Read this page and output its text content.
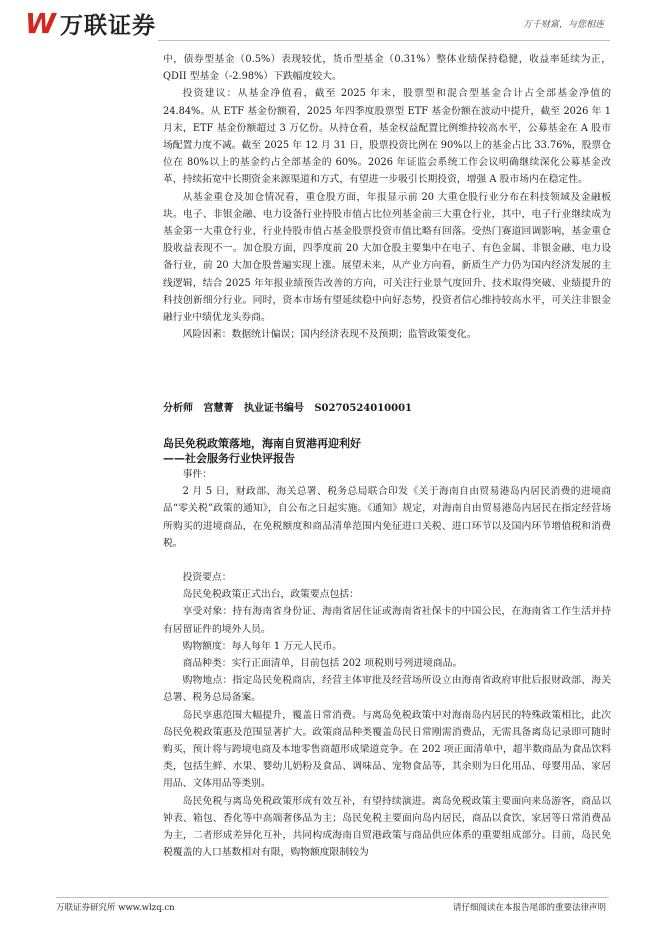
W 万联证券	万千财富，与您相连

中，债券型基金（0.5%）表现较优，货币型基金（0.31%）整体业绩保持稳健，收益率延续为正，QDII 型基金（-2.98%）下跌幅度较大。

投资建议：从基金净值看，截至 2025 年末，股票型和混合型基金合计占全部基金净值的 24.84%。从 ETF 基金份额看，2025 年四季度股票型 ETF 基金份额在波动中提升，截至 2026 年 1 月末，ETF 基金份额超过 3 万亿份。从持仓看，基金权益配置比例维持较高水平，公募基金在 A 股市场配置力度不减。截至 2025 年 12 月 31 日，股票投资比例在 90%以上的基金占比 33.76%，股票仓位在 80%以上的基金约占全部基金的 60%。2026 年证监会系统工作会议明确继续深化公募基金改革，持续拓宽中长期资金来源渠道和方式，有望进一步吸引长期投资，增强 A 股市场内在稳定性。

从基金重仓及加仓情况看，重仓股方面，年报显示前 20 大重仓股行业分布在科技领域及金融板块。电子、非银金融、电力设备行业持股市值占比位列基金前三大重仓行业，其中，电子行业继续成为基金第一大重仓行业，行业持股市值占基金股票投资市值比略有回落。受热门赛道回调影响，基金重仓股收益表现不一。加仓股方面，四季度前 20 大加仓股主要集中在电子、有色金属、非银金融、电力设备行业，前 20 大加仓股普遍实现上涨。展望未来，从产业方向看，新质生产力仍为国内经济发展的主线逻辑，结合 2025 年年报业绩预告改善的方向，可关注行业景气度回升、技术取得突破、业绩提升的科技创新细分行业。同时，资本市场有望延续稳中向好态势，投资者信心维持较高水平，可关注非银金融行业中绩优龙头券商。

风险因素：数据统计偏误；国内经济表现不及预期；监管政策变化。

分析师   宫慧菁   执业证书编号   S0270524010001

岛民免税政策落地，海南自贸港再迎利好

——社会服务行业快评报告

事件：

2 月 5 日，财政部、海关总署、税务总局联合印发《关于海南自由贸易港岛内居民消费的进境商品“零关税”政策的通知》，自公布之日起实施。《通知》规定，对海南自由贸易港岛内居民在指定经营场所购买的进境商品，在免税额度和商品清单范围内免征进口关税、进口环节以及国内环节增值税和消费税。

投资要点：

岛民免税政策正式出台，政策要点包括：

享受对象：持有海南省身份证、海南省居住证或海南省社保卡的中国公民，在海南省工作生活并持有居留证件的境外人员。

购物额度：每人每年 1 万元人民币。

商品种类：实行正面清单，目前包括 202 项税则号列进境商品。

购物地点：指定岛民免税商店，经营主体审批及经营场所设立由海南省政府审批后报财政部、海关总署、税务总局备案。

岛民享惠范围大幅提升，覆盖日常消费。与离岛免税政策中对海南岛内居民的特殊政策相比，此次岛民免税政策惠及范围显著扩大。政策商品种类覆盖岛民日常刚需消费品，无需具备离岛记录即可随时购买，预计将与跨境电商及本地零售商超形成梁道竞争。在 202 项正面清单中，超半数商品为食品饮料类，包括生鲜、水果、婴幼儿奶粉及食品、调味品、宠物食品等，其余则为日化用品、母婴用品、家居用品、文体用品等类别。

岛民免税与离岛免税政策形成有效互补，有望持续演进。离岛免税政策主要面向来岛游客，商品以钟表、箱包、香化等中高端奢侈品为主；岛民免税主要面向岛内居民，商品以食饮、家居等日常消费品为主，二者形成差异化互补，共同构成海南自贸港政策与商品供应体系的重要组成部分。目前，岛民免税覆盖的人口基数相对有限，购物额度限制较为

万联证券研究所 www.wlzq.cn	请仔细阅读在本报告尾部的重要法律声明
